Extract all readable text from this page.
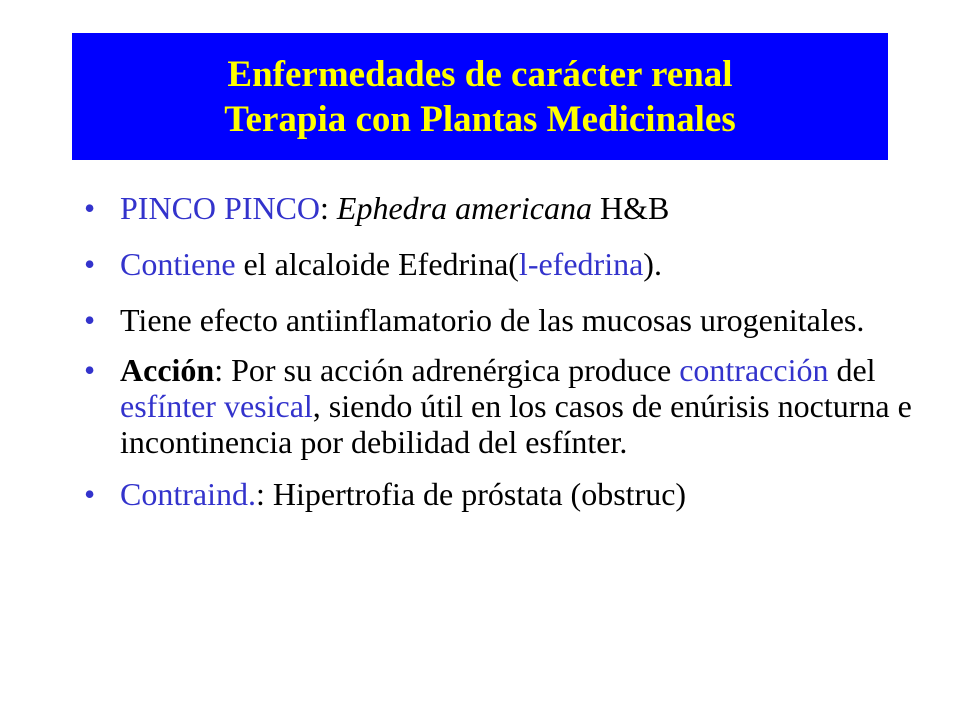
Enfermedades de carácter renal
Terapia con Plantas Medicinales
• PINCO PINCO: Ephedra americana H&B
• Contiene el alcaloide Efedrina(l-efedrina).
• Tiene efecto antiinflamatorio de las mucosas urogenitales.
• Acción: Por su acción adrenérgica produce contracción del esfínter vesical, siendo útil en los casos de enúrisis nocturna e incontinencia por debilidad del esfínter.
• Contraind.: Hipertrofia de próstata (obstruc)
